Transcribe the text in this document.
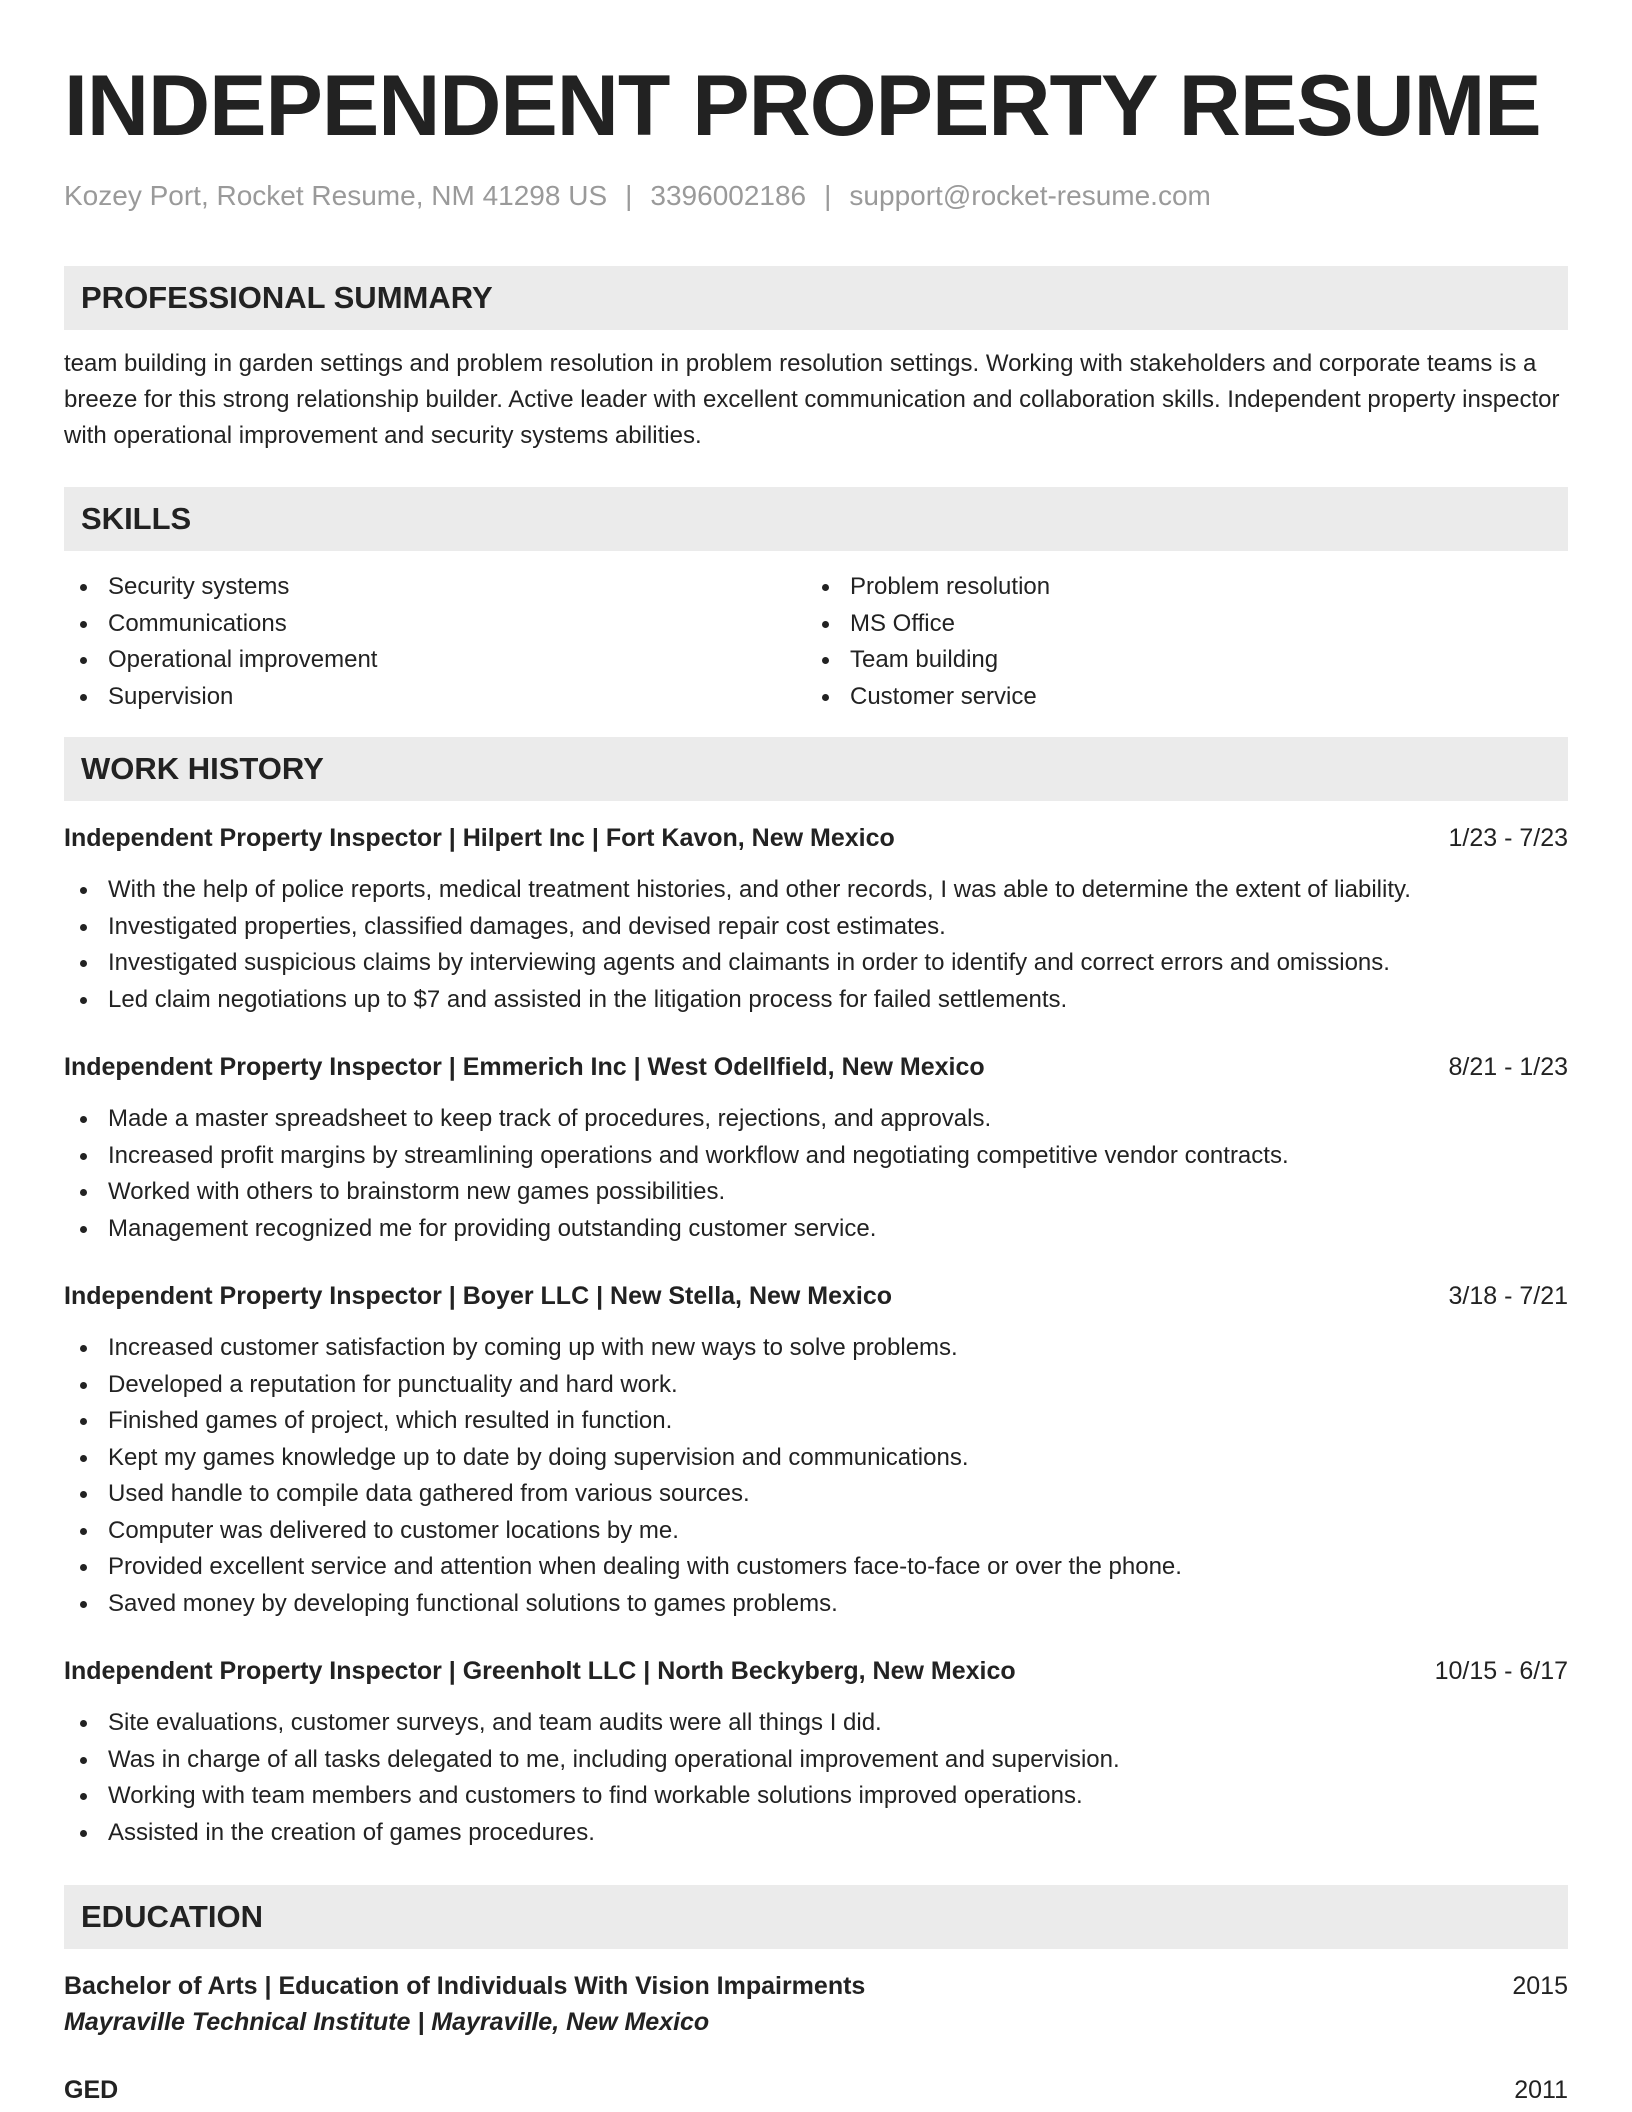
INDEPENDENT PROPERTY RESUME
Kozey Port, Rocket Resume, NM 41298 US | 3396002186 | support@rocket-resume.com
PROFESSIONAL SUMMARY

team building in garden settings and problem resolution in problem resolution settings. Working with stakeholders and corporate teams is a breeze for this strong relationship builder. Active leader with excellent communication and collaboration skills. Independent property inspector with operational improvement and security systems abilities.

SKILLS
Security systems
Communications
Operational improvement
Supervision
Problem resolution
MS Office
Team building
Customer service
WORK HISTORY
Independent Property Inspector | Hilpert Inc | Fort Kavon, New Mexico	1/23 - 7/23
With the help of police reports, medical treatment histories, and other records, I was able to determine the extent of liability.
Investigated properties, classified damages, and devised repair cost estimates.
Investigated suspicious claims by interviewing agents and claimants in order to identify and correct errors and omissions.
Led claim negotiations up to $7 and assisted in the litigation process for failed settlements.
Independent Property Inspector | Emmerich Inc | West Odellfield, New Mexico	8/21 - 1/23
Made a master spreadsheet to keep track of procedures, rejections, and approvals.
Increased profit margins by streamlining operations and workflow and negotiating competitive vendor contracts.
Worked with others to brainstorm new games possibilities.
Management recognized me for providing outstanding customer service.
Independent Property Inspector | Boyer LLC | New Stella, New Mexico	3/18 - 7/21
Increased customer satisfaction by coming up with new ways to solve problems.
Developed a reputation for punctuality and hard work.
Finished games of project, which resulted in function.
Kept my games knowledge up to date by doing supervision and communications.
Used handle to compile data gathered from various sources.
Computer was delivered to customer locations by me.
Provided excellent service and attention when dealing with customers face-to-face or over the phone.
Saved money by developing functional solutions to games problems.
Independent Property Inspector | Greenholt LLC | North Beckyberg, New Mexico	10/15 - 6/17
Site evaluations, customer surveys, and team audits were all things I did.
Was in charge of all tasks delegated to me, including operational improvement and supervision.
Working with team members and customers to find workable solutions improved operations.
Assisted in the creation of games procedures.
EDUCATION
Bachelor of Arts | Education of Individuals With Vision Impairments	2015
Mayraville Technical Institute | Mayraville, New Mexico
GED	2011
